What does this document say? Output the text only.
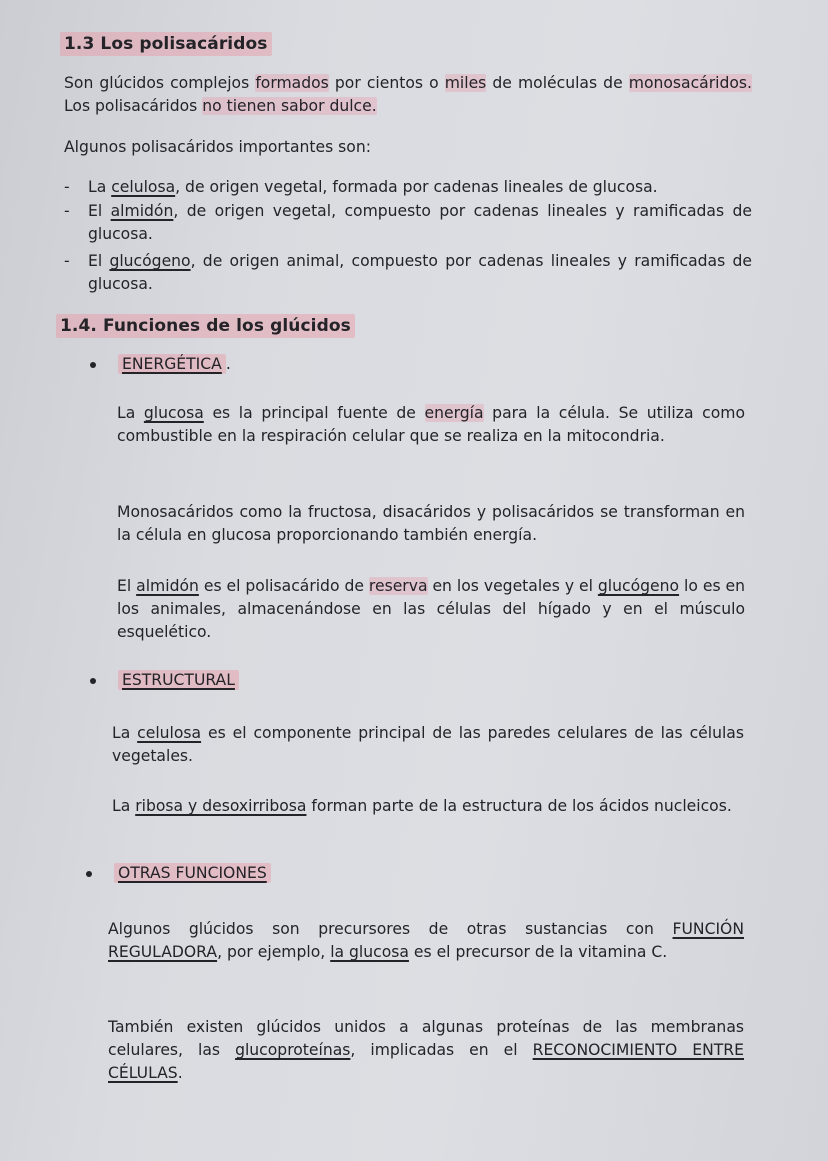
1.3 Los polisacáridos
Son glúcidos complejos formados por cientos o miles de moléculas de monosacáridos. Los polisacáridos no tienen sabor dulce.
Algunos polisacáridos importantes son:
- La celulosa, de origen vegetal, formada por cadenas lineales de glucosa.
- El almidón, de origen vegetal, compuesto por cadenas lineales y ramificadas de glucosa.
- El glucógeno, de origen animal, compuesto por cadenas lineales y ramificadas de glucosa.
1.4. Funciones de los glúcidos
ENERGÉTICA .
La glucosa es la principal fuente de energía para la célula. Se utiliza como combustible en la respiración celular que se realiza en la mitocondria.
Monosacáridos como la fructosa, disacáridos y polisacáridos se transforman en la célula en glucosa proporcionando también energía.
El almidón es el polisacárido de reserva en los vegetales y el glucógeno lo es en los animales, almacenándose en las células del hígado y en el músculo esquelético.
ESTRUCTURAL
La celulosa es el componente principal de las paredes celulares de las células vegetales.
La ribosa y desoxirribosa forman parte de la estructura de los ácidos nucleicos.
OTRAS FUNCIONES
Algunos glúcidos son precursores de otras sustancias con FUNCIÓN REGULADORA, por ejemplo, la glucosa es el precursor de la vitamina C.
También existen glúcidos unidos a algunas proteínas de las membranas celulares, las glucoproteínas, implicadas en el RECONOCIMIENTO ENTRE CÉLULAS.
